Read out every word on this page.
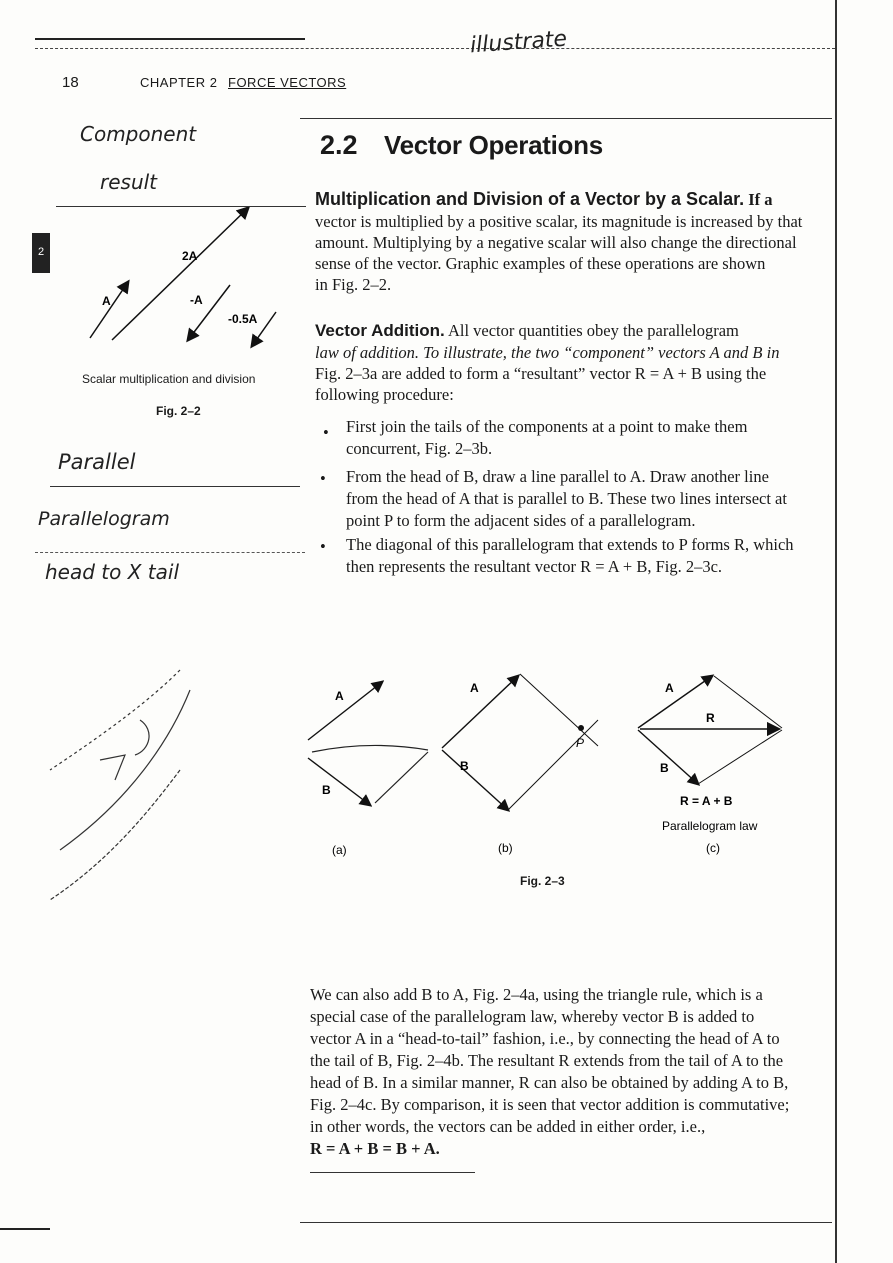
18	CHAPTER 2 FORCE VECTORS
2
2.2 Vector Operations
Multiplication and Division of a Vector by a Scalar. If a
vector is multiplied by a positive scalar, its magnitude is increased by that
amount. Multiplying by a negative scalar will also change the directional
sense of the vector. Graphic examples of these operations are shown
in Fig. 2–2.
Vector Addition. All vector quantities obey the parallelogram
law of addition. To illustrate, the two “component” vectors A and B in
Fig. 2–3a are added to form a “resultant” vector R = A + B using the
following procedure:
• First join the tails of the components at a point to make them
concurrent, Fig. 2–3b.
• From the head of B, draw a line parallel to A. Draw another line
from the head of A that is parallel to B. These two lines intersect at
point P to form the adjacent sides of a parallelogram.
• The diagonal of this parallelogram that extends to P forms R, which
then represents the resultant vector R = A + B, Fig. 2–3c.
A
2A
-A
-0.5A
Scalar multiplication and division
Fig. 2–2
A
B
A
B
P
A
R
B
R = A + B
Parallelogram law
(a)	(b)	(c)
Fig. 2–3
We can also add B to A, Fig. 2–4a, using the triangle rule, which is a
special case of the parallelogram law, whereby vector B is added to
vector A in a “head-to-tail” fashion, i.e., by connecting the head of A to
the tail of B, Fig. 2–4b. The resultant R extends from the tail of A to the
head of B. In a similar manner, R can also be obtained by adding A to B,
Fig. 2–4c. By comparison, it is seen that vector addition is commutative;
in other words, the vectors can be added in either order, i.e.,
R = A + B = B + A.
illustrate
Component
result
Parallel
Parallelogram
head to X tail
